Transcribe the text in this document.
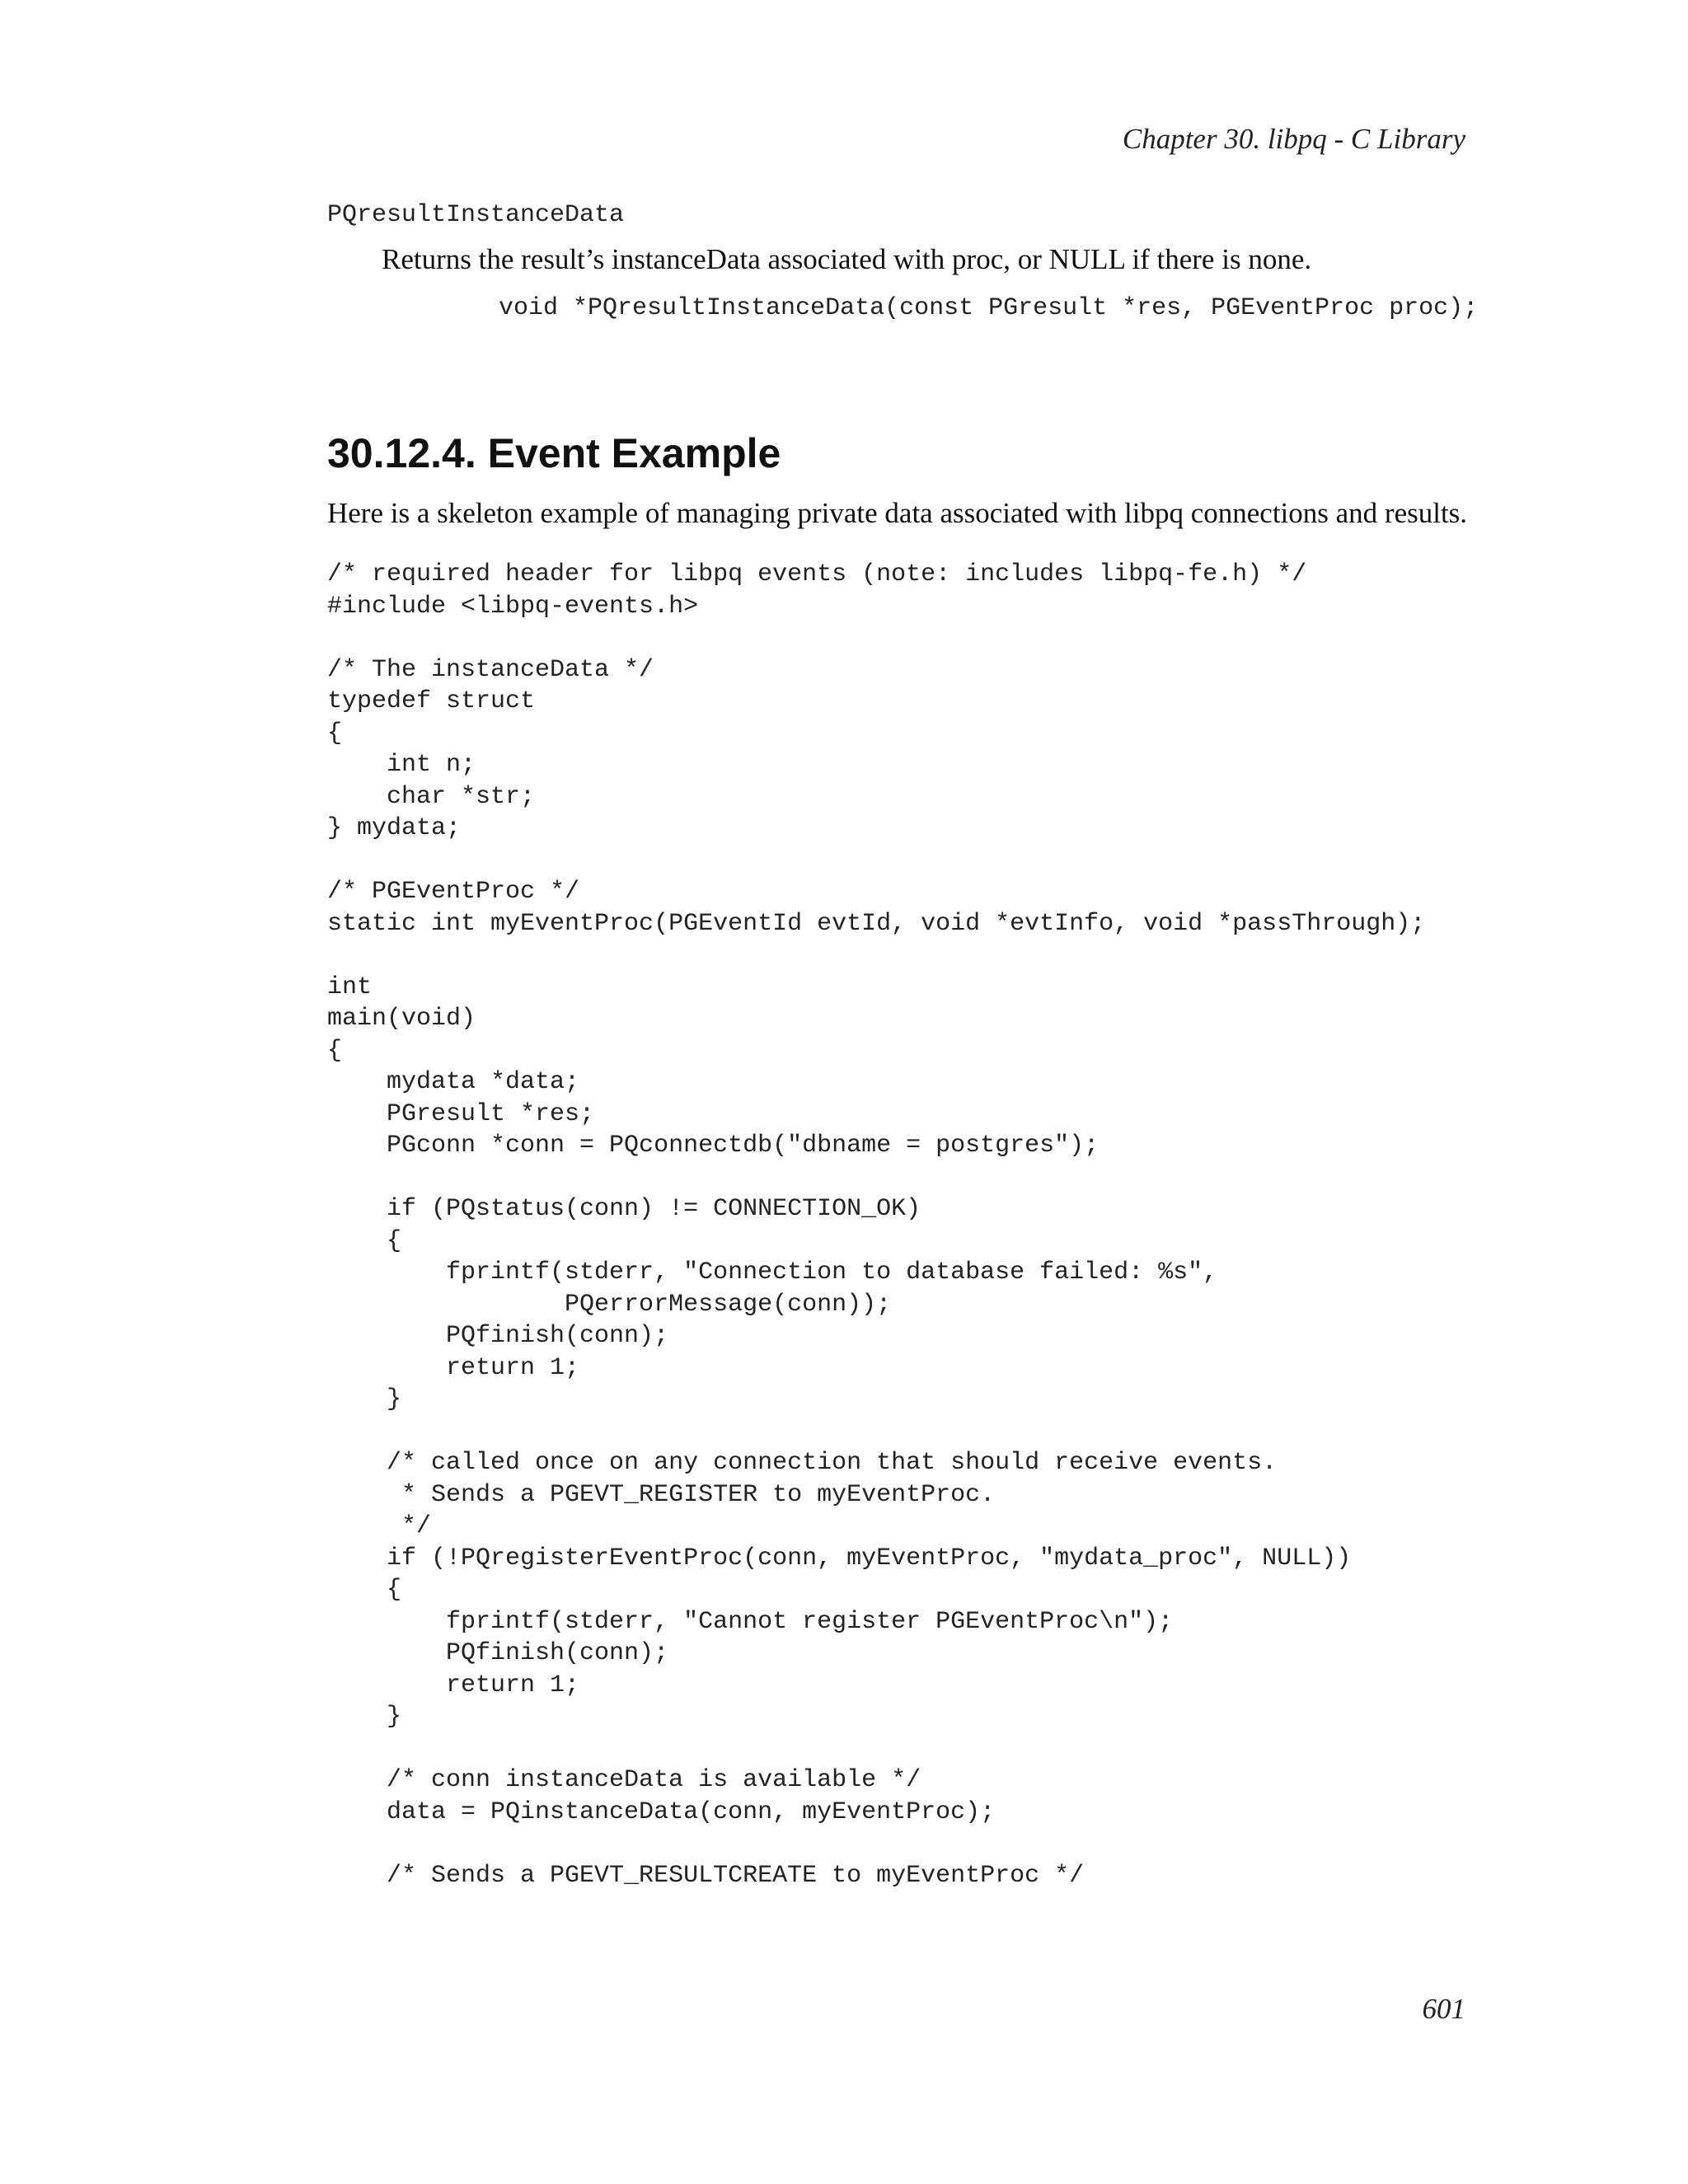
Chapter 30. libpq - C Library
PQresultInstanceData
Returns the result’s instanceData associated with proc, or NULL if there is none.
void *PQresultInstanceData(const PGresult *res, PGEventProc proc);
30.12.4. Event Example
Here is a skeleton example of managing private data associated with libpq connections and results.
/* required header for libpq events (note: includes libpq-fe.h) */
#include <libpq-events.h>
/* The instanceData */
typedef struct
{
int n;
char *str;
} mydata;
/* PGEventProc */
static int myEventProc(PGEventId evtId, void *evtInfo, void *passThrough);
int
main(void)
{
mydata *data;
PGresult *res;
PGconn *conn = PQconnectdb("dbname = postgres");
if (PQstatus(conn) != CONNECTION_OK)
{
fprintf(stderr, "Connection to database failed: %s",
PQerrorMessage(conn));
PQfinish(conn);
return 1;
}
/* called once on any connection that should receive events.
* Sends a PGEVT_REGISTER to myEventProc.
*/
if (!PQregisterEventProc(conn, myEventProc, "mydata_proc", NULL))
{
fprintf(stderr, "Cannot register PGEventProc\n");
PQfinish(conn);
return 1;
}
/* conn instanceData is available */
data = PQinstanceData(conn, myEventProc);
/* Sends a PGEVT_RESULTCREATE to myEventProc */
601
